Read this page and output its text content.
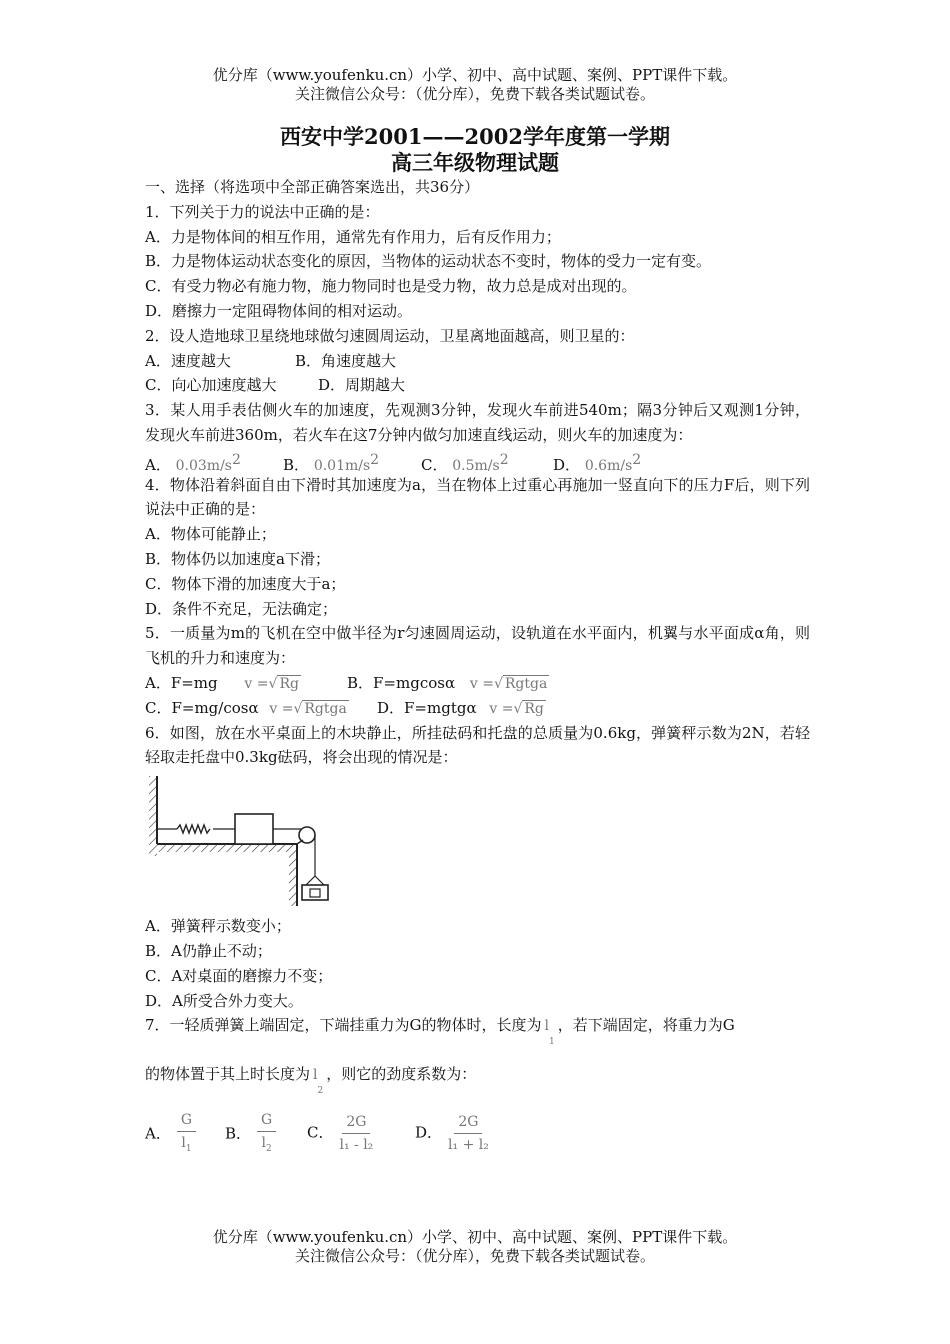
优分库（www.youfenku.cn）小学、初中、高中试题、案例、PPT课件下载。
关注微信公众号：（优分库），免费下载各类试题试卷。
西安中学2001——2002学年度第一学期
高三年级物理试题
一、选择（将选项中全部正确答案选出，共36分）
1．下列关于力的说法中正确的是：
A．力是物体间的相互作用，通常先有作用力，后有反作用力；
B．力是物体运动状态变化的原因，当物体的运动状态不变时，物体的受力一定有变。
C．有受力物必有施力物，施力物同时也是受力物，故力总是成对出现的。
D．磨擦力一定阻碍物体间的相对运动。
2．设人造地球卫星绕地球做匀速圆周运动，卫星离地面越高，则卫星的：
A．速度越大	B．角速度越大
C．向心加速度越大	D．周期越大
3．某人用手表估侧火车的加速度，先观测3分钟，发现火车前进540m；隔3分钟后又观测1分钟，发现火车前进360m，若火车在这7分钟内做匀加速直线运动，则火车的加速度为：
A． $0.03m/s^2$	B． $0.01m/s^2$	C． $0.5m/s^2$	D． $0.6m/s^2$
4．物体沿着斜面自由下滑时其加速度为a，当在物体上过重心再施加一竖直向下的压力F后，则下列说法中正确的是：
A．物体可能静止；
B．物体仍以加速度a下滑；
C．物体下滑的加速度大于a；
D．条件不充足，无法确定；
5．一质量为m的飞机在空中做半径为r匀速圆周运动，设轨道在水平面内，机翼与水平面成α角，则飞机的升力和速度为：
A．F=mg v =√ Rg	B．F=mgcosα v =√ Rgtga
C．F=mg/cosα v =√ Rgtga D．F=mgtgα v =√ Rg
6．如图，放在水平桌面上的木块静止，所挂砝码和托盘的总质量为0.6kg，弹簧秤示数为2N，若轻轻取走托盘中0.3kg砝码，将会出现的情况是：
A．弹簧秤示数变小；
B．A仍静止不动；
C．A对桌面的磨擦力不变；
D．A所受合外力变大。
7．一轻质弹簧上端固定，下端挂重力为G的物体时，长度为 $l_1$，若下端固定，将重力为G
的物体置于其上时长度为 $l_2$，则它的劲度系数为：
A． $\frac{G}{l_1}$ B． $\frac{G}{l_2}$ C． $\frac{2G}{\text{l₁ - l₂}}$	D． $\frac{2G}{\text{l₁ + l₂}}$
优分库（www.youfenku.cn）小学、初中、高中试题、案例、PPT课件下载。
关注微信公众号：（优分库），免费下载各类试题试卷。
